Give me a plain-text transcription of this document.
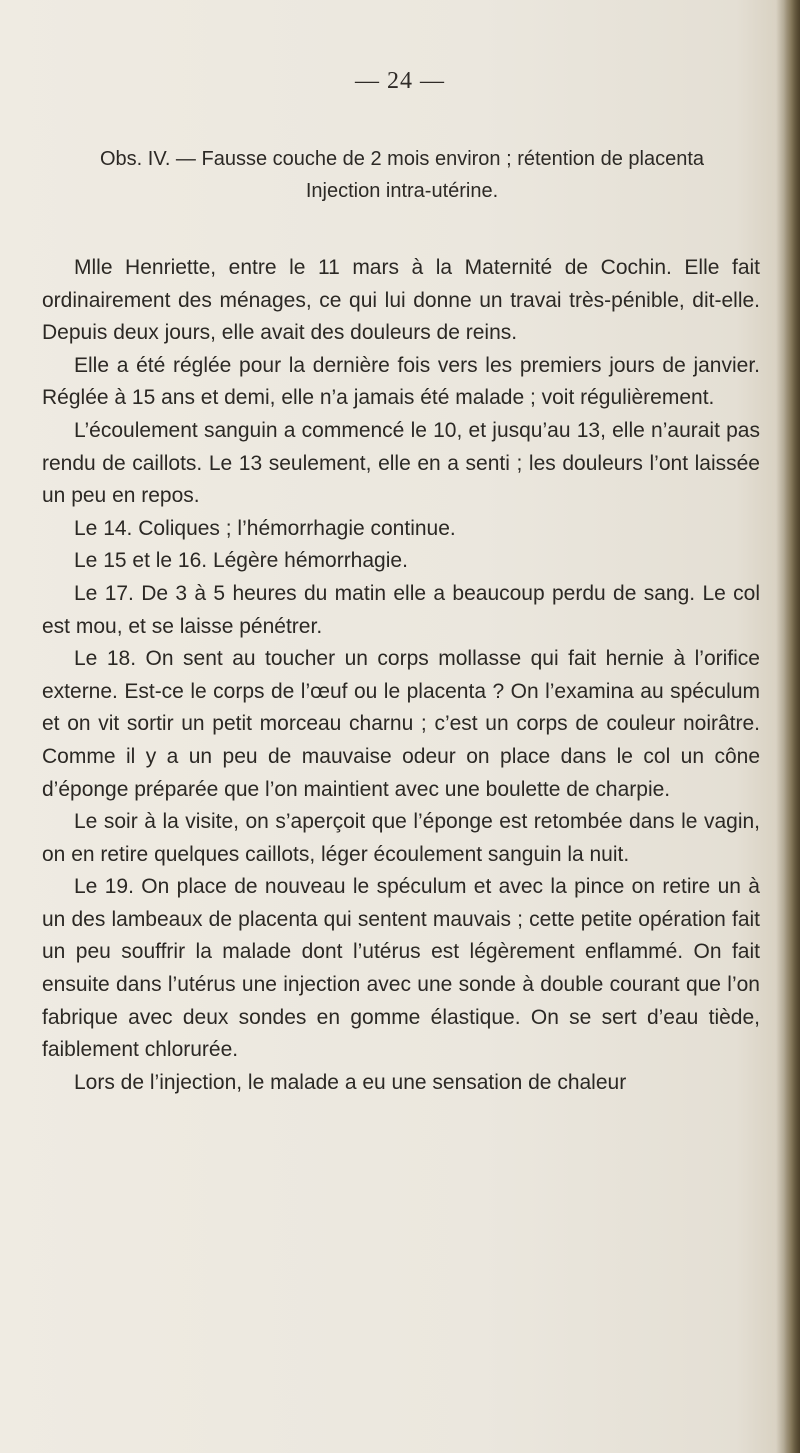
— 24 —
Obs. IV. — Fausse couche de 2 mois environ ; rétention de placenta
Injection intra-utérine.

Mlle Henriette, entre le 11 mars à la Maternité de Cochin. Elle fait ordinairement des ménages, ce qui lui donne un travai très-pénible, dit-elle. Depuis deux jours, elle avait des douleurs de reins.

Elle a été réglée pour la dernière fois vers les premiers jours de janvier. Réglée à 15 ans et demi, elle n’a jamais été malade ; voit régulièrement.

L’écoulement sanguin a commencé le 10, et jusqu’au 13, elle n’aurait pas rendu de caillots. Le 13 seulement, elle en a senti ; les douleurs l’ont laissée un peu en repos.

Le 14. Coliques ; l’hémorrhagie continue.

Le 15 et le 16. Légère hémorrhagie.

Le 17. De 3 à 5 heures du matin elle a beaucoup perdu de sang. Le col est mou, et se laisse pénétrer.

Le 18. On sent au toucher un corps mollasse qui fait hernie à l’orifice externe. Est-ce le corps de l’œuf ou le placenta ? On l’examina au spéculum et on vit sortir un petit morceau charnu ; c’est un corps de couleur noirâtre. Comme il y a un peu de mauvaise odeur on place dans le col un cône d’éponge préparée que l’on maintient avec une boulette de charpie.

Le soir à la visite, on s’aperçoit que l’éponge est retombée dans le vagin, on en retire quelques caillots, léger écoulement sanguin la nuit.

Le 19. On place de nouveau le spéculum et avec la pince on retire un à un des lambeaux de placenta qui sentent mauvais ; cette petite opération fait un peu souffrir la malade dont l’utérus est légèrement enflammé. On fait ensuite dans l’utérus une injection avec une sonde à double courant que l’on fabrique avec deux sondes en gomme élastique. On se sert d’eau tiède, faiblement chlorurée.

Lors de l’injection, le malade a eu une sensation de chaleur
